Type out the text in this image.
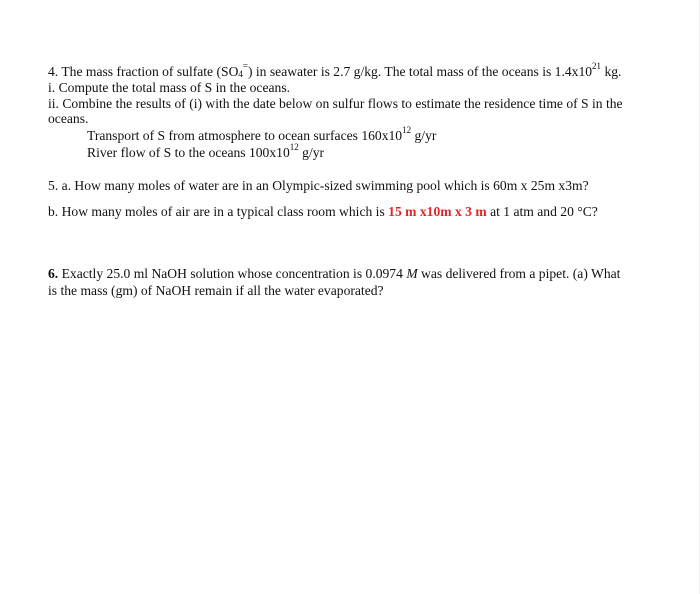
4. The mass fraction of sulfate $(SO_4^=)$ in seawater is 2.7 g/kg. The total mass of the oceans is $1.4x10^{21}$ kg.
i. Compute the total mass of S in the oceans.
ii. Combine the results of (i) with the date below on sulfur flows to estimate the residence time of S in the
oceans.
Transport of S from atmosphere to ocean surfaces $160x10^{12}$ g/yr
River flow of S to the oceans $100x10^{12}$ g/yr
5. a. How many moles of water are in an Olympic-sized swimming pool which is 60m x 25m x3m?
b. How many moles of air are in a typical class room which is 15 m x10m x 3 m at 1 atm and 20 °C?
6. Exactly 25.0 ml NaOH solution whose concentration is 0.0974 M was delivered from a pipet. (a) What
is the mass (gm) of NaOH remain if all the water evaporated?
